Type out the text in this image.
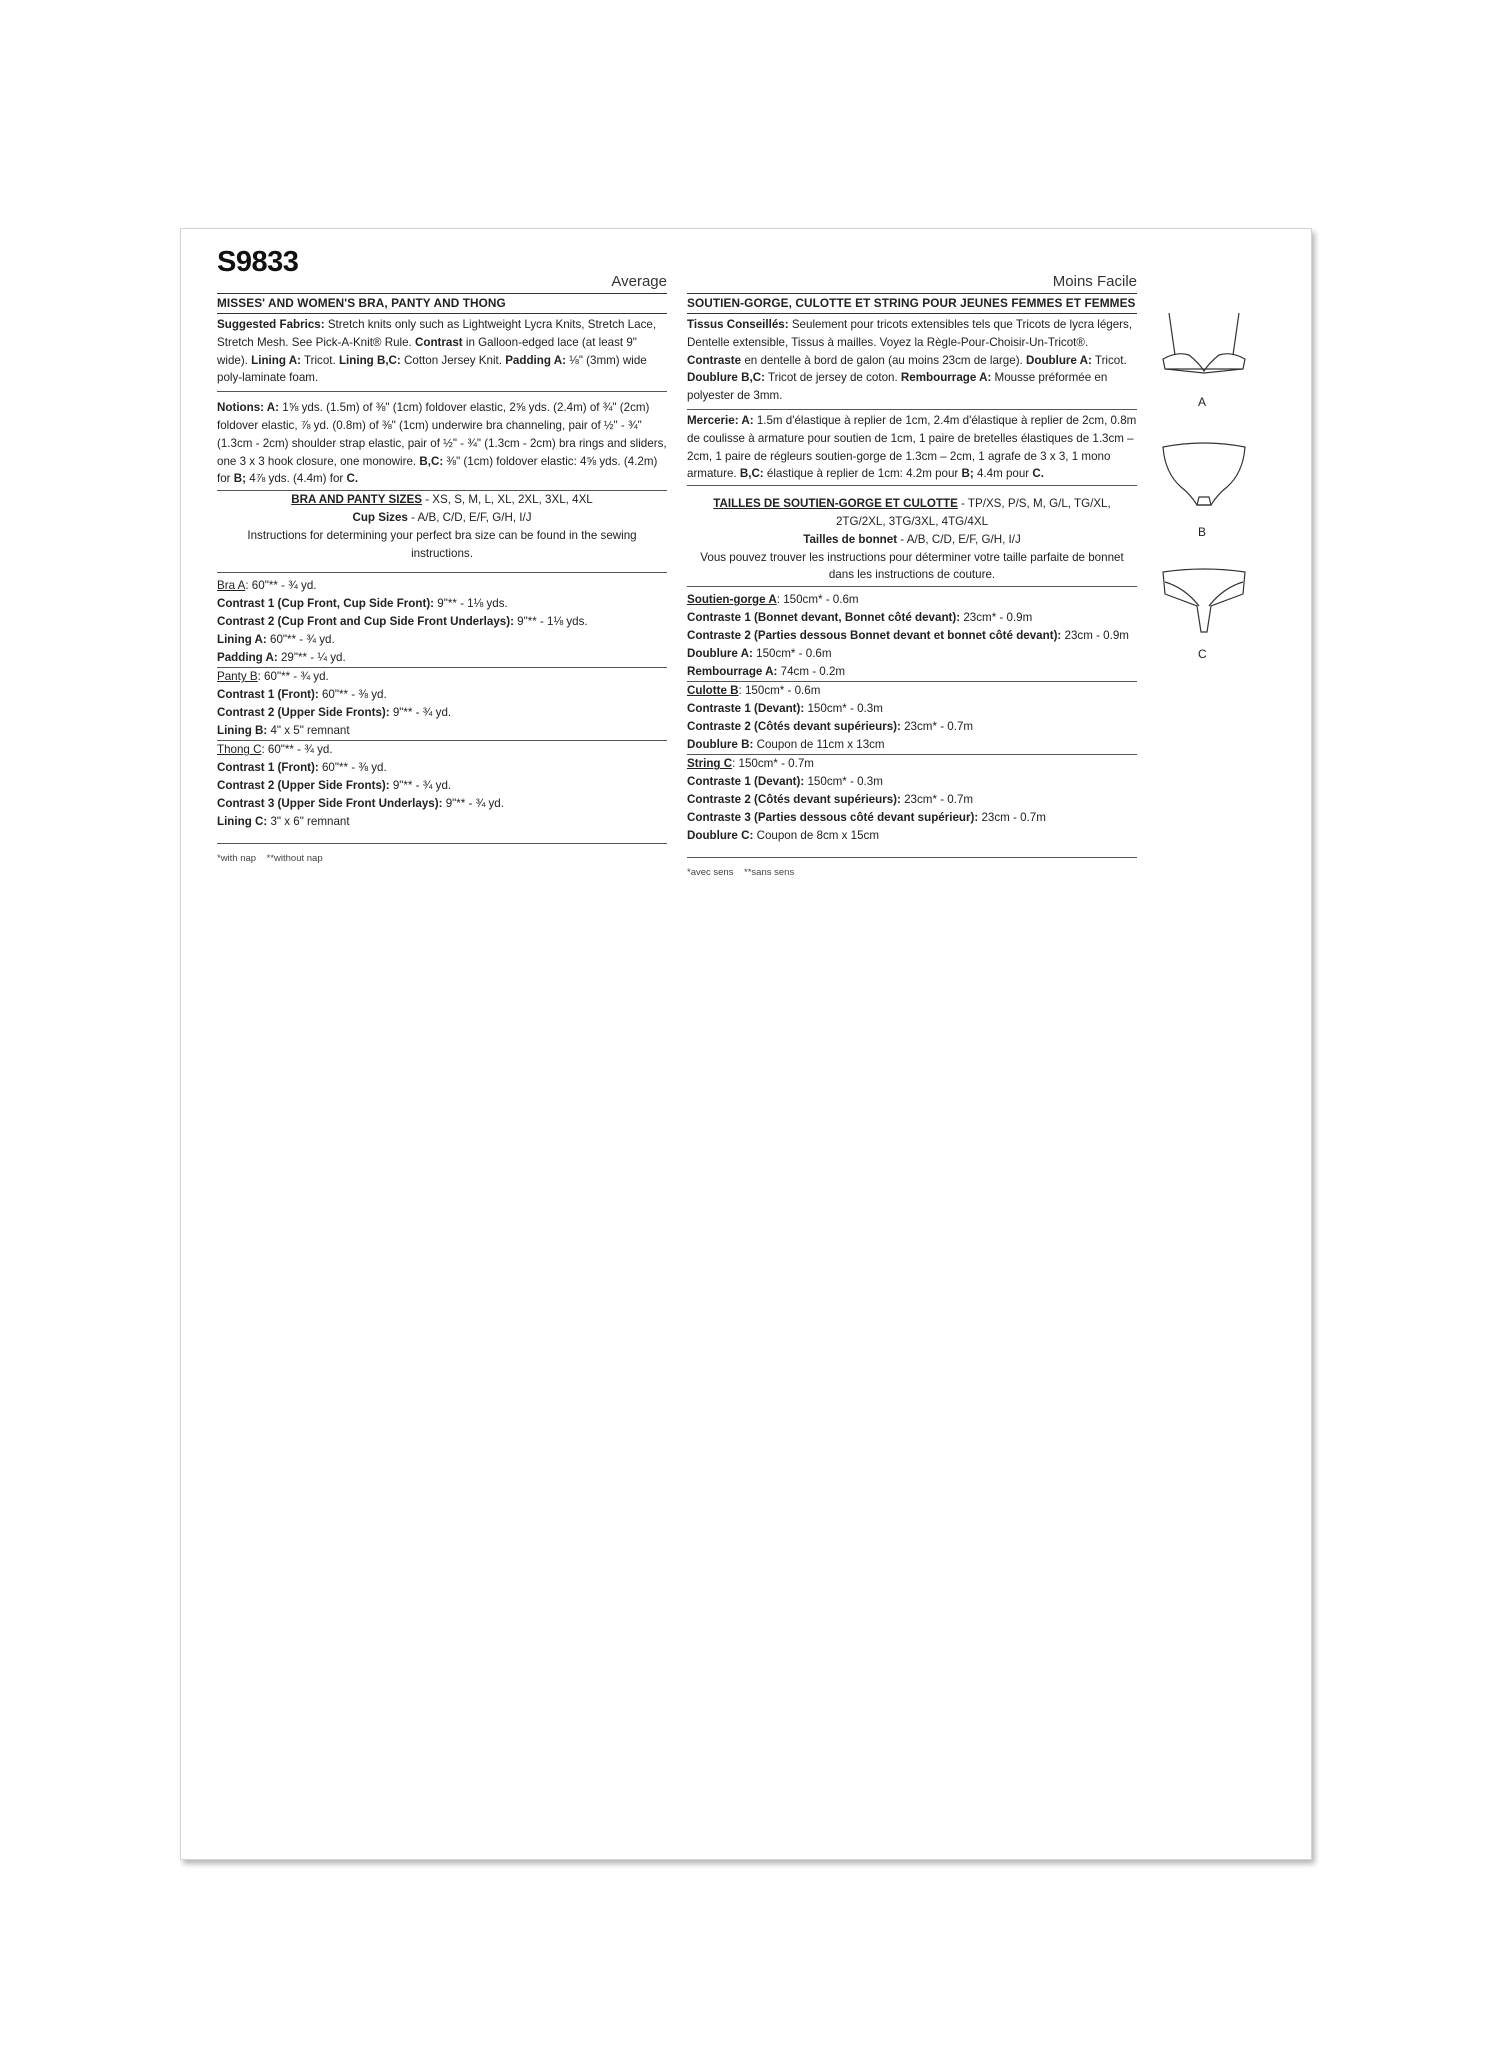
S9833
Average
MISSES' AND WOMEN'S BRA, PANTY AND THONG
Suggested Fabrics: Stretch knits only such as Lightweight Lycra Knits, Stretch Lace, Stretch Mesh. See Pick-A-Knit® Rule. Contrast in Galloon-edged lace (at least 9" wide). Lining A: Tricot. Lining B,C: Cotton Jersey Knit. Padding A: ⅛" (3mm) wide poly-laminate foam.
Notions: A: 1⅝ yds. (1.5m) of ⅜" (1cm) foldover elastic, 2⅝ yds. (2.4m) of ¾" (2cm) foldover elastic, ⅞ yd. (0.8m) of ⅜" (1cm) underwire bra channeling, pair of ½" - ¾" (1.3cm - 2cm) shoulder strap elastic, pair of ½" - ¾" (1.3cm - 2cm) bra rings and sliders, one 3 x 3 hook closure, one monowire. B,C: ⅜" (1cm) foldover elastic: 4⅝ yds. (4.2m) for B; 4⅞ yds. (4.4m) for C.
BRA AND PANTY SIZES - XS, S, M, L, XL, 2XL, 3XL, 4XL
Cup Sizes - A/B, C/D, E/F, G/H, I/J
Instructions for determining your perfect bra size can be found in the sewing instructions.
Bra A: 60"** - ¾ yd.
Contrast 1 (Cup Front, Cup Side Front): 9"** - 1⅛ yds.
Contrast 2 (Cup Front and Cup Side Front Underlays): 9"** - 1⅛ yds.
Lining A: 60"** - ¾ yd.
Padding A: 29"** - ¼ yd.
Panty B: 60"** - ¾ yd.
Contrast 1 (Front): 60"** - ⅜ yd.
Contrast 2 (Upper Side Fronts): 9"** - ¾ yd.
Lining B: 4" x 5" remnant
Thong C: 60"** - ¾ yd.
Contrast 1 (Front): 60"** - ⅜ yd.
Contrast 2 (Upper Side Fronts): 9"** - ¾ yd.
Contrast 3 (Upper Side Front Underlays): 9"** - ¾ yd.
Lining C: 3" x 6" remnant
*with nap    **without nap
Moins Facile
SOUTIEN-GORGE, CULOTTE ET STRING POUR JEUNES FEMMES ET FEMMES
Tissus Conseillés: Seulement pour tricots extensibles tels que Tricots de lycra légers, Dentelle extensible, Tissus à mailles. Voyez la Règle-Pour-Choisir-Un-Tricot®. Contraste en dentelle à bord de galon (au moins 23cm de large). Doublure A: Tricot. Doublure B,C: Tricot de jersey de coton. Rembourrage A: Mousse préformée en polyester de 3mm.
Mercerie: A: 1.5m d'élastique à replier de 1cm, 2.4m d'élastique à replier de 2cm, 0.8m de coulisse à armature pour soutien de 1cm, 1 paire de bretelles élastiques de 1.3cm – 2cm, 1 paire de régleurs soutien-gorge de 1.3cm – 2cm, 1 agrafe de 3 x 3, 1 mono armature. B,C: élastique à replier de 1cm: 4.2m pour B; 4.4m pour C.
TAILLES DE SOUTIEN-GORGE ET CULOTTE - TP/XS, P/S, M, G/L, TG/XL, 2TG/2XL, 3TG/3XL, 4TG/4XL
Tailles de bonnet - A/B, C/D, E/F, G/H, I/J
Vous pouvez trouver les instructions pour déterminer votre taille parfaite de bonnet dans les instructions de couture.
Soutien-gorge A: 150cm* - 0.6m
Contraste 1 (Bonnet devant, Bonnet côté devant): 23cm* - 0.9m
Contraste 2 (Parties dessous Bonnet devant et bonnet côté devant): 23cm - 0.9m
Doublure A: 150cm* - 0.6m
Rembourrage A: 74cm - 0.2m
Culotte B: 150cm* - 0.6m
Contraste 1 (Devant): 150cm* - 0.3m
Contraste 2 (Côtés devant supérieurs): 23cm* - 0.7m
Doublure B: Coupon de 11cm x 13cm
String C: 150cm* - 0.7m
Contraste 1 (Devant): 150cm* - 0.3m
Contraste 2 (Côtés devant supérieurs): 23cm* - 0.7m
Contraste 3 (Parties dessous côté devant supérieur): 23cm - 0.7m
Doublure C: Coupon de 8cm x 15cm
*avec sens    **sans sens
A
B
C
